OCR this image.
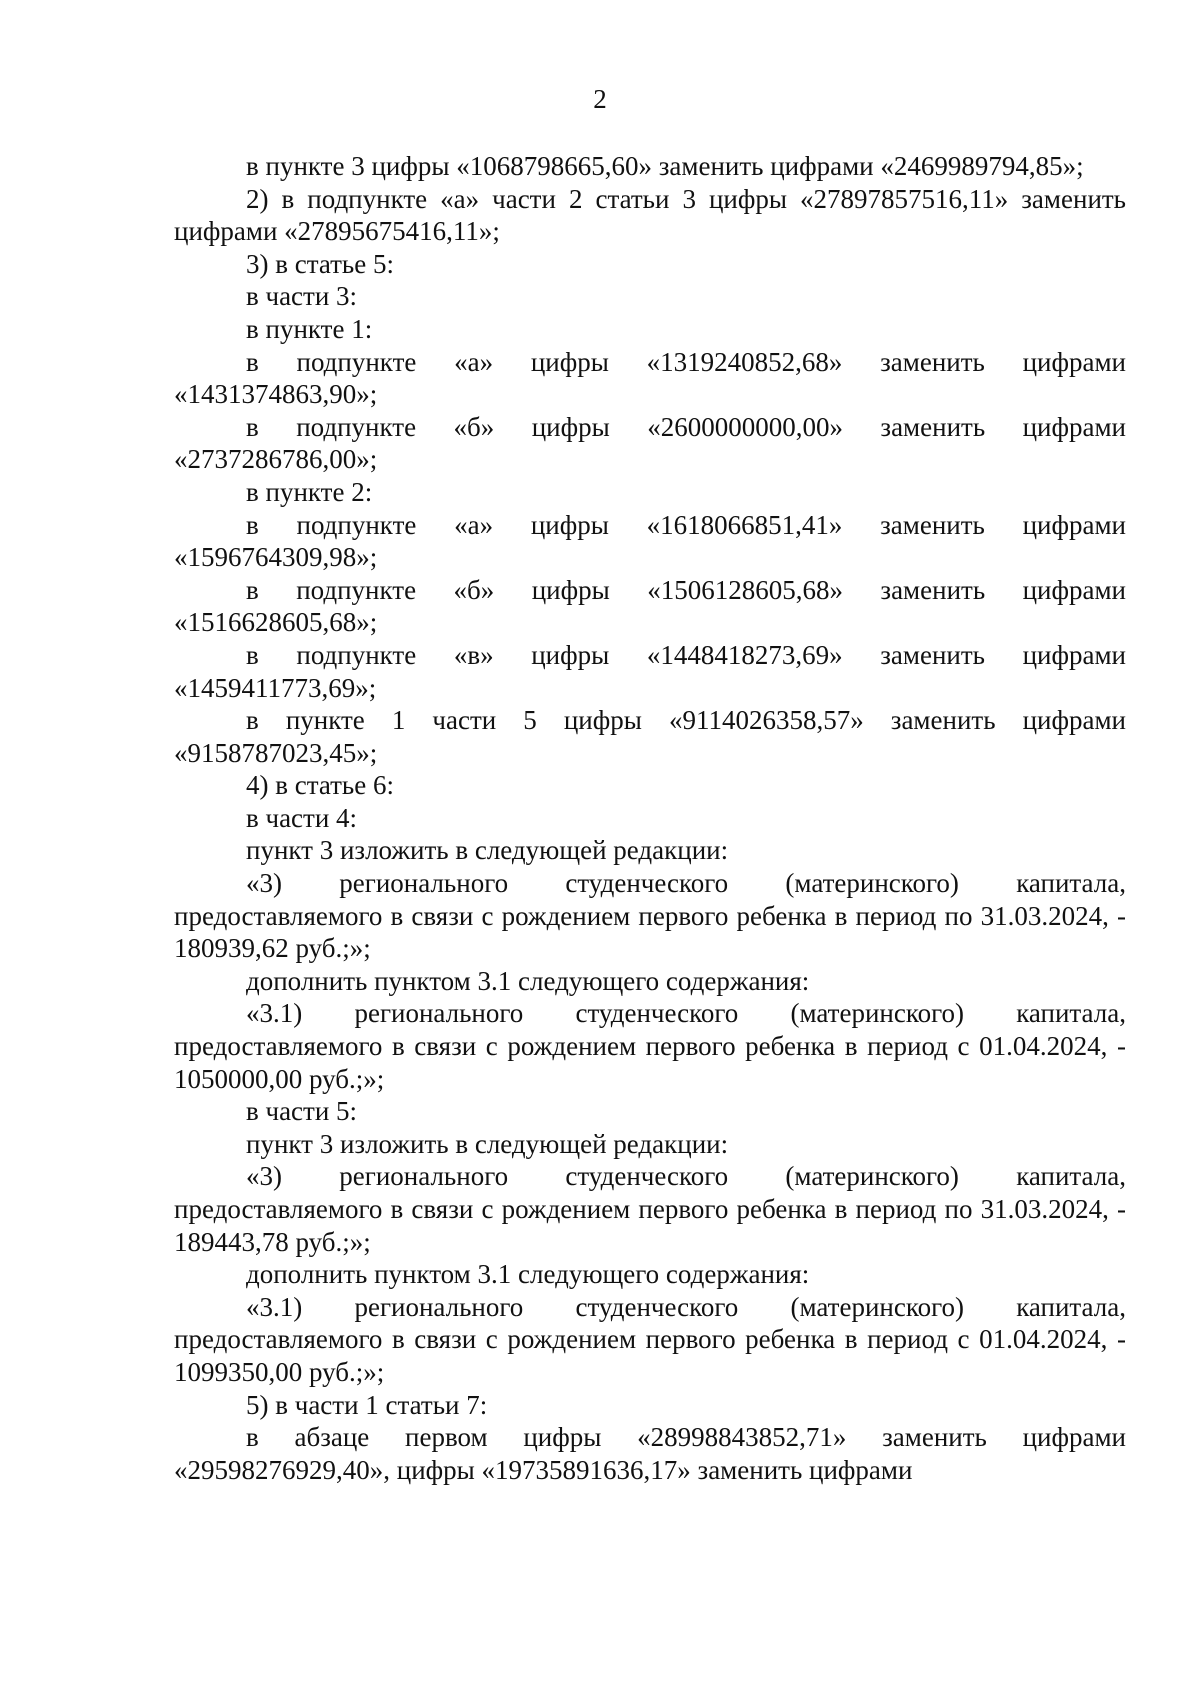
2

в пункте 3 цифры «1068798665,60» заменить цифрами «2469989794,85»;

2) в подпункте «а» части 2 статьи 3 цифры «27897857516,11» заменить цифрами «27895675416,11»;

3) в статье 5:

в части 3:

в пункте 1:

в подпункте «а» цифры «1319240852,68» заменить цифрами «1431374863,90»;

в подпункте «б» цифры «2600000000,00» заменить цифрами «2737286786,00»;

в пункте 2:

в подпункте «а» цифры «1618066851,41» заменить цифрами «1596764309,98»;

в подпункте «б» цифры «1506128605,68» заменить цифрами «1516628605,68»;

в подпункте «в» цифры «1448418273,69» заменить цифрами «1459411773,69»;

в пункте 1 части 5 цифры «9114026358,57» заменить цифрами «9158787023,45»;

4) в статье 6:

в части 4:

пункт 3 изложить в следующей редакции:

«3) регионального студенческого (материнского) капитала, предоставляемого в связи с рождением первого ребенка в период по 31.03.2024, - 180939,62 руб.;»;

дополнить пунктом 3.1 следующего содержания:

«3.1) регионального студенческого (материнского) капитала, предоставляемого в связи с рождением первого ребенка в период с 01.04.2024, - 1050000,00 руб.;»;

в части 5:

пункт 3 изложить в следующей редакции:

«3) регионального студенческого (материнского) капитала, предоставляемого в связи с рождением первого ребенка в период по 31.03.2024, - 189443,78 руб.;»;

дополнить пунктом 3.1 следующего содержания:

«3.1) регионального студенческого (материнского) капитала, предоставляемого в связи с рождением первого ребенка в период с 01.04.2024, - 1099350,00 руб.;»;

5) в части 1 статьи 7:

в абзаце первом цифры «28998843852,71» заменить цифрами «29598276929,40», цифры «19735891636,17» заменить цифрами
